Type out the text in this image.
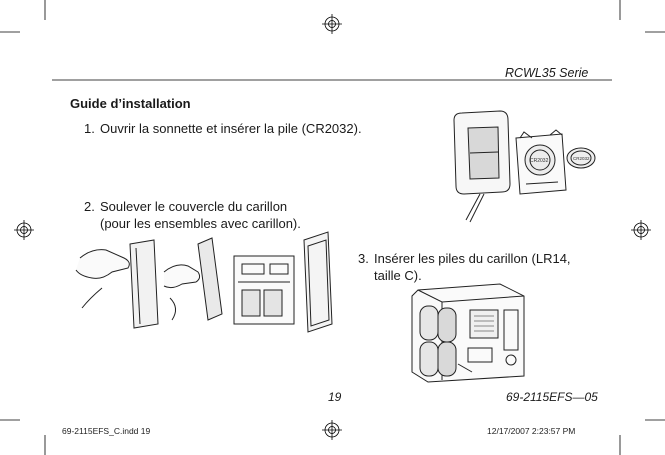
RCWL35 Serie
Guide d’installation
1. Ouvrir la sonnette et insérer la pile (CR2032).
2. Soulever le couvercle du carillon
(pour les ensembles avec carillon).
3. Insérer les piles du carillon (LR14,
taille C).
CR2032	CR2032
19	69-2115EFS—05
69-2115EFS_C.indd 19	12/17/2007 2:23:57 PM
